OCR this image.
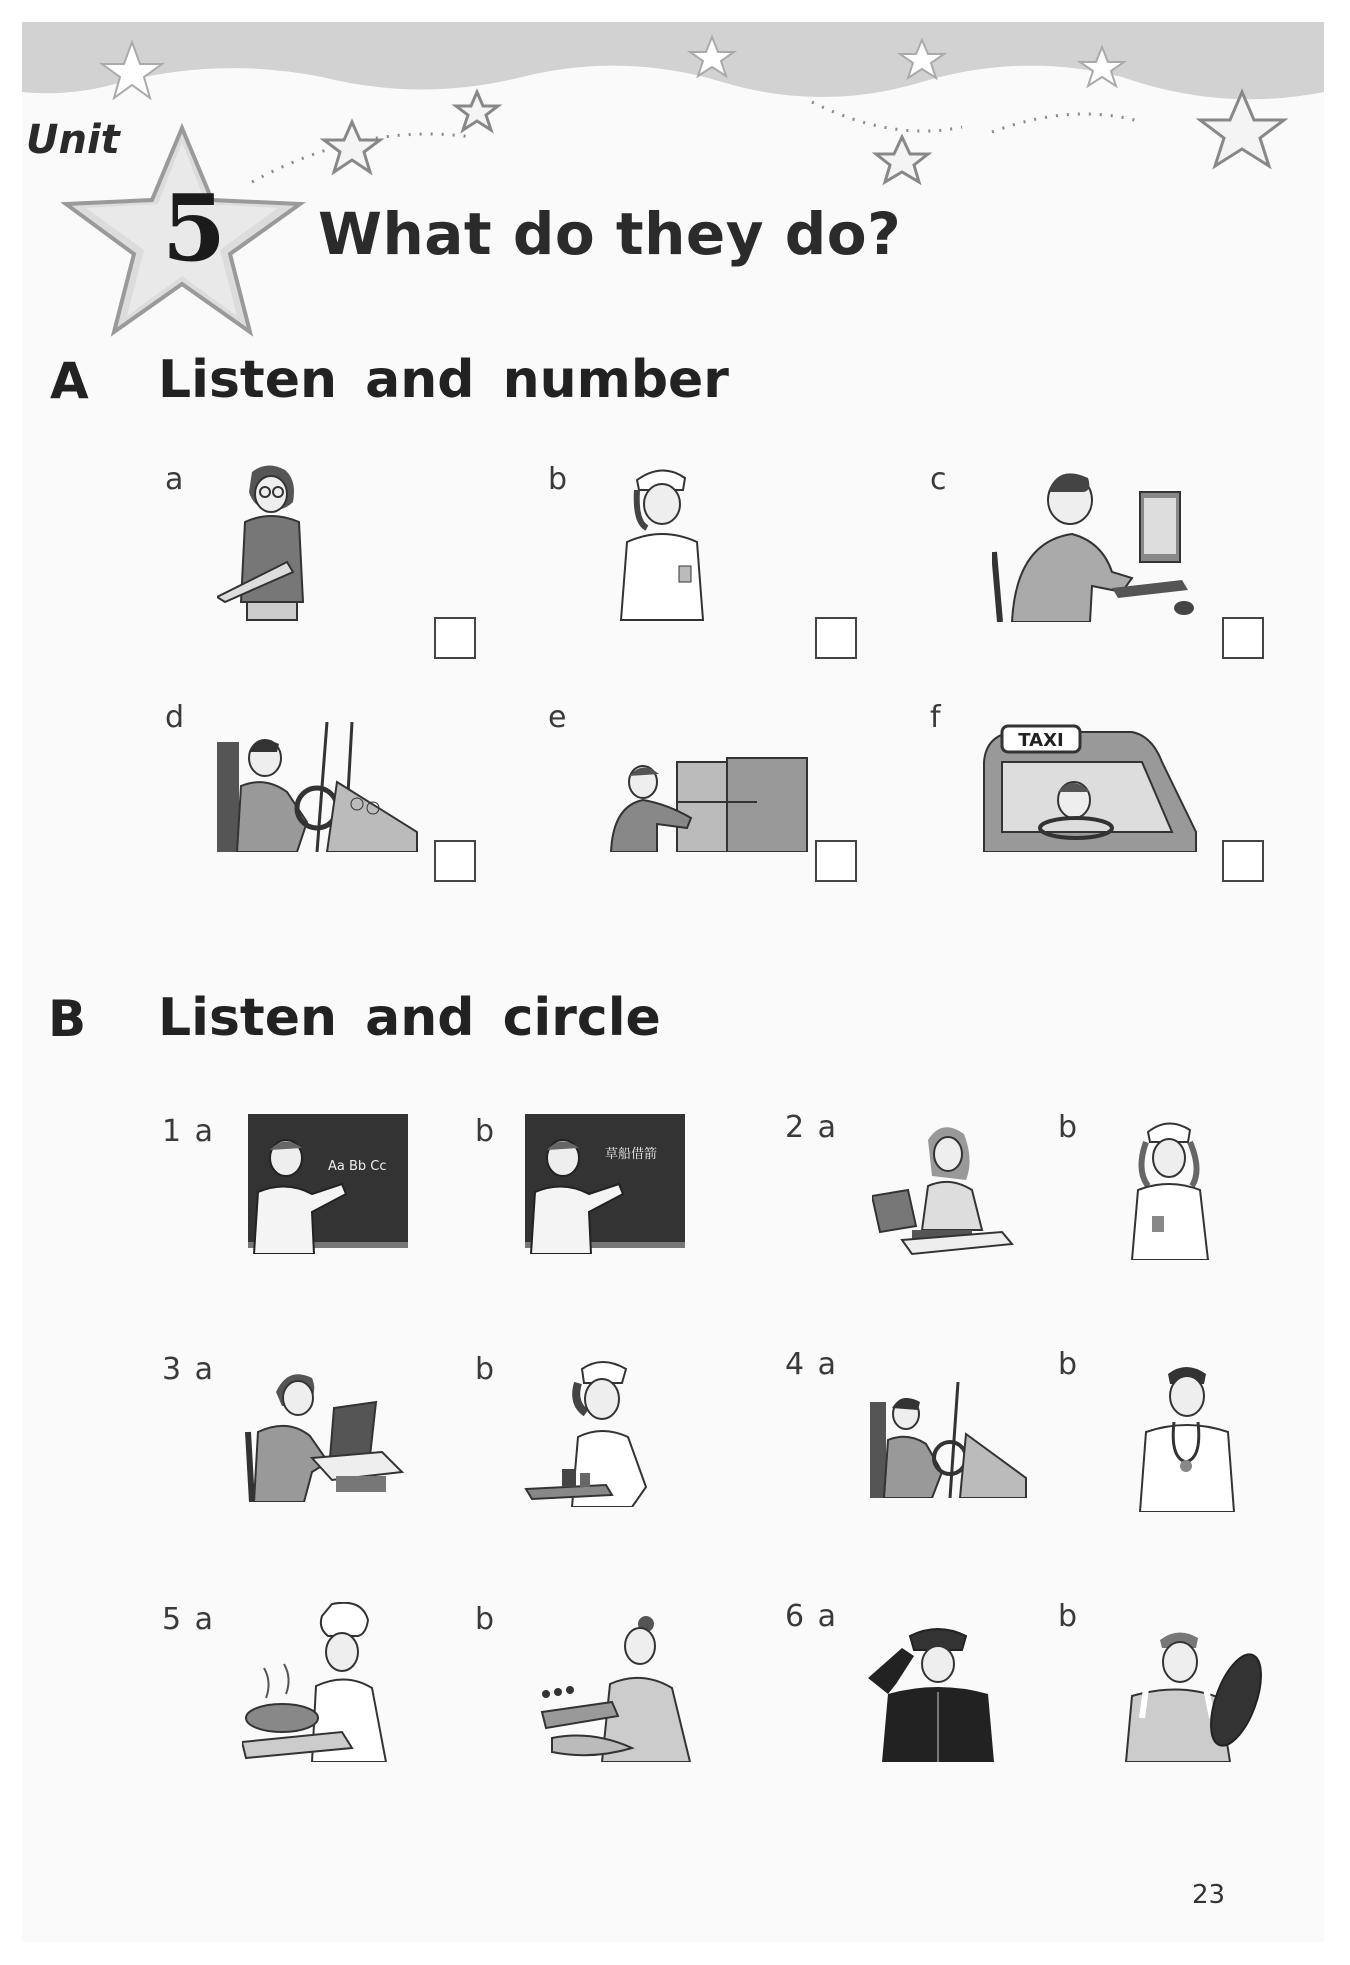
Unit
5 What do they do?
A Listen and number
a	b	c
d	e	f
TAXI
B Listen and circle
1 a	b
Aa Bb Cc
草船借箭
2 a	b
3 a	b	4 a	b
5 a	b	6 a	b
23
